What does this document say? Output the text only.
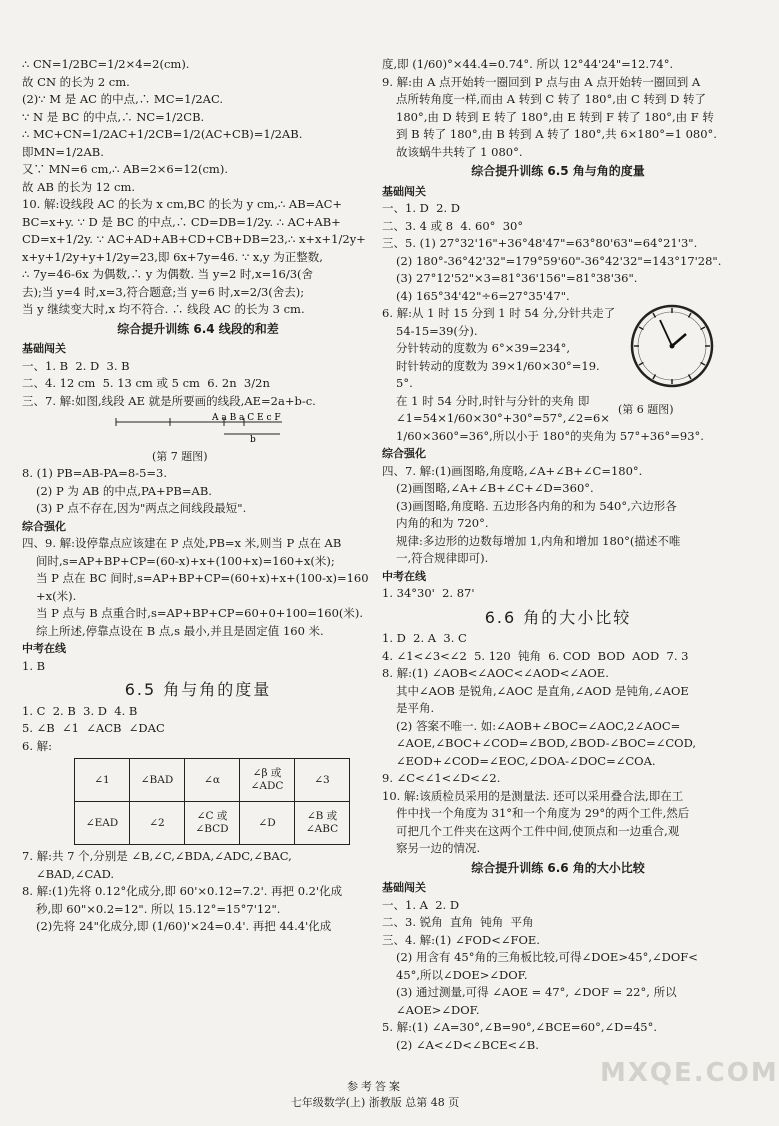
∴ CN=1/2BC=1/2×4=2(cm).
故 CN 的长为 2 cm.
(2)∵ M 是 AC 的中点,∴ MC=1/2AC.
∵ N 是 BC 的中点,∴ NC=1/2CB.
∴ MC+CN=1/2AC+1/2CB=1/2(AC+CB)=1/2AB.
即MN=1/2AB.
又∵ MN=6 cm,∴ AB=2×6=12(cm).
故 AB 的长为 12 cm.
10. 解:设线段 AC 的长为 x cm,BC 的长为 y cm,∴ AB=AC+
BC=x+y. ∵ D 是 BC 的中点,∴ CD=DB=1/2y. ∴ AC+AB+
CD=x+1/2y. ∵ AC+AD+AB+CD+CB+DB=23,∴ x+x+1/2y+
x+y+1/2y+y+1/2y=23,即 6x+7y=46. ∵ x,y 为正整数,
∴ 7y=46-6x 为偶数,∴ y 为偶数. 当 y=2 时,x=16/3(舍
去);当 y=4 时,x=3,符合题意;当 y=6 时,x=2/3(舍去);
当 y 继续变大时,x 均不符合. ∴ 线段 AC 的长为 3 cm.
综合提升训练 6.4 线段的和差
基础闯关
一、1. B  2. D  3. B
二、4. 12 cm  5. 13 cm 或 5 cm  6. 2n  3/2n
三、7. 解:如图,线段 AE 就是所要画的线段,AE=2a+b-c.
A a B a C E c F
b
(第 7 题图)
8. (1) PB=AB-PA=8-5=3.
(2) P 为 AB 的中点,PA+PB=AB.
(3) P 点不存在,因为"两点之间线段最短".
综合强化
四、9. 解:设停靠点应该建在 P 点处,PB=x 米,则当 P 点在 AB
间时,s=AP+BP+CP=(60-x)+x+(100+x)=160+x(米);
当 P 点在 BC 间时,s=AP+BP+CP=(60+x)+x+(100-x)=160+x(米).
当 P 点与 B 点重合时,s=AP+BP+CP=60+0+100=160(米).
综上所述,停靠点设在 B 点,s 最小,并且是固定值 160 米.
中考在线
1. B
6.5 角与角的度量
1. C  2. B  3. D  4. B
5. ∠B  ∠1  ∠ACB  ∠DAC
6. 解:
∠1	∠BAD	∠α	∠β 或∠ADC	∠3
∠EAD	∠2	∠C 或∠BCD	∠D	∠B 或∠ABC
7. 解:共 7 个,分别是 ∠B,∠C,∠BDA,∠ADC,∠BAC,
∠BAD,∠CAD.
8. 解:(1)先将 0.12°化成分,即 60'×0.12=7.2'. 再把 0.2'化成
秒,即 60"×0.2=12". 所以 15.12°=15°7'12".
(2)先将 24"化成分,即 (1/60)'×24=0.4'. 再把 44.4'化成
度,即 (1/60)°×44.4=0.74°. 所以 12°44'24"=12.74°.
9. 解:由 A 点开始转一圈回到 P 点与由 A 点开始转一圈回到 A
点所转角度一样,而由 A 转到 C 转了 180°,由 C 转到 D 转了
180°,由 D 转到 E 转了 180°,由 E 转到 F 转了 180°,由 F 转
到 B 转了 180°,由 B 转到 A 转了 180°,共 6×180°=1 080°.
故该蜗牛共转了 1 080°.
综合提升训练 6.5 角与角的度量
基础闯关
一、1. D  2. D
二、3. 4 或 8  4. 60°  30°
三、5. (1) 27°32'16"+36°48'47"=63°80'63"=64°21'3".
(2) 180°-36°42'32"=179°59'60"-36°42'32"=143°17'28".
(3) 27°12'52"×3=81°36'156"=81°38'36".
(4) 165°34'42"÷6=27°35'47".
6. 解:从 1 时 15 分到 1 时 54 分,分针共走了
54-15=39(分).
分针转动的度数为 6°×39=234°,
时针转动的度数为 39×1/60×30°=19.5°.
在 1 时 54 分时,时针与分针的夹角 即
∠1=54×1/60×30°+30°=57°,∠2=6×
1/60×360°=36°,所以小于 180°的夹角为 57°+36°=93°.
综合强化
四、7. 解:(1)画图略,角度略,∠A+∠B+∠C=180°.
(2)画图略,∠A+∠B+∠C+∠D=360°.
(3)画图略,角度略. 五边形各内角的和为 540°,六边形各
内角的和为 720°.
规律:多边形的边数每增加 1,内角和增加 180°(描述不唯
一,符合规律即可).
中考在线
1. 34°30'  2. 87'
6.6 角的大小比较
1. D  2. A  3. C
4. ∠1<∠3<∠2  5. 120  钝角  6. COD  BOD  AOD  7. 3
8. 解:(1) ∠AOB<∠AOC<∠AOD<∠AOE.
其中∠AOB 是锐角,∠AOC 是直角,∠AOD 是钝角,∠AOE
是平角.
(2) 答案不唯一. 如:∠AOB+∠BOC=∠AOC,2∠AOC=
∠AOE,∠BOC+∠COD=∠BOD,∠BOD-∠BOC=∠COD,
∠EOD+∠COD=∠EOC,∠DOA-∠DOC=∠COA.
9. ∠C<∠1<∠D<∠2.
10. 解:该质检员采用的是测量法. 还可以采用叠合法,即在工
件中找一个角度为 31°和一个角度为 29°的两个工件,然后
可把几个工件夹在这两个工件中间,使顶点和一边重合,观
察另一边的情况.
综合提升训练 6.6 角的大小比较
基础闯关
一、1. A  2. D
二、3. 锐角  直角  钝角  平角
三、4. 解:(1) ∠FOD<∠FOE.
(2) 用含有 45°角的三角板比较,可得∠DOE>45°,∠DOF<
45°,所以∠DOE>∠DOF.
(3) 通过测量,可得 ∠AOE = 47°, ∠DOF = 22°, 所以
∠AOE>∠DOF.
5. 解:(1) ∠A=30°,∠B=90°,∠BCE=60°,∠D=45°.
(2) ∠A<∠D<∠BCE<∠B.
(第 6 题图)
参考答案
七年级数学(上) 浙教版 总第 48 页
MXQE.COM
